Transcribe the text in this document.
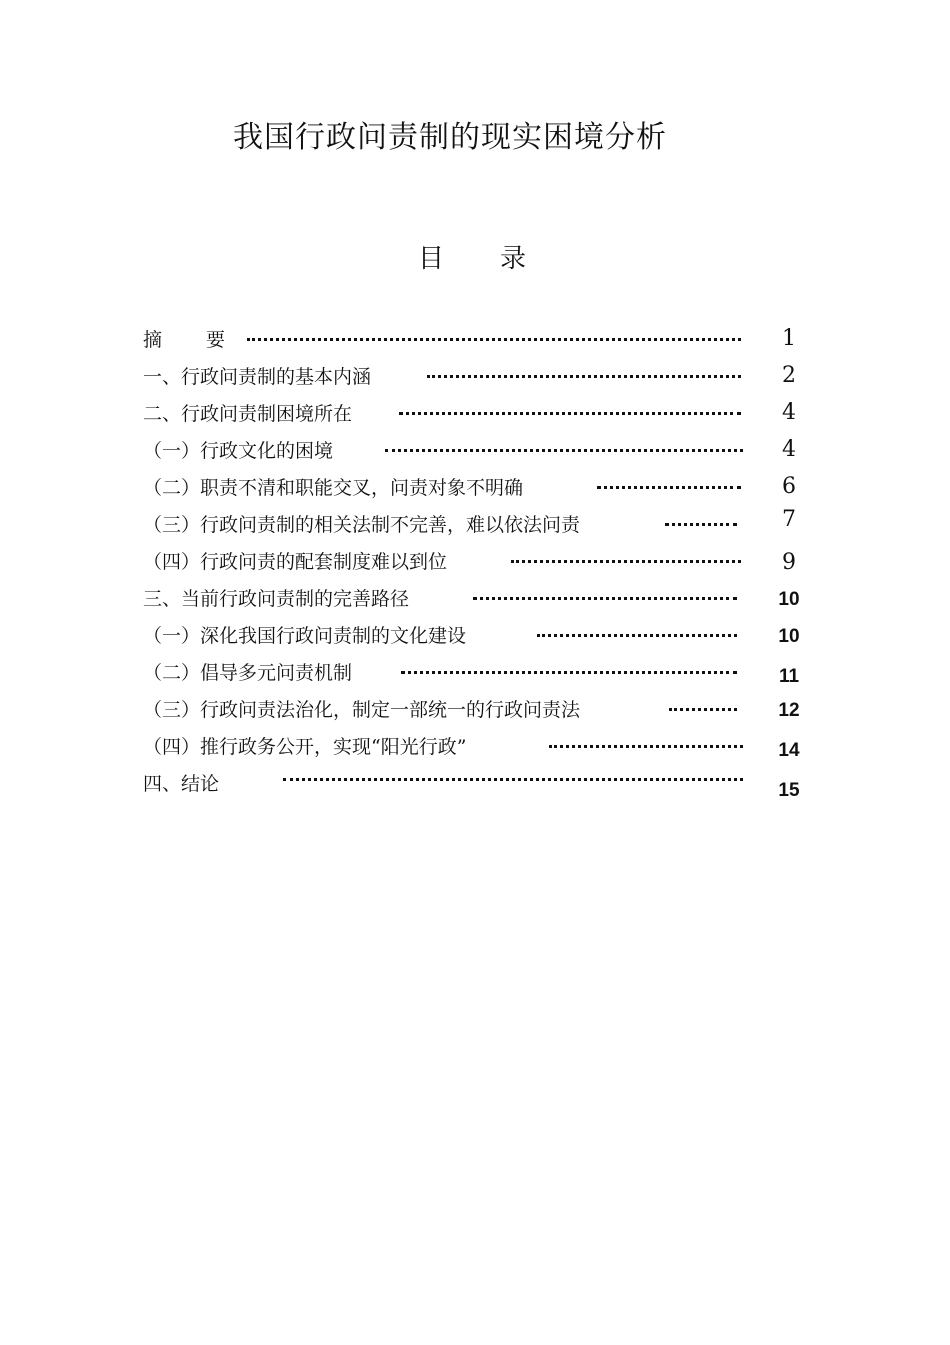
我国行政问责制的现实困境分析
目录
摘要	1
一、行政问责制的基本内涵	2
二、行政问责制困境所在	4
（一）行政文化的困境	4
（二）职责不清和职能交叉，问责对象不明确	6
（三）行政问责制的相关法制不完善，难以依法问责	7
（四）行政问责的配套制度难以到位	9
三、当前行政问责制的完善路径	10
（一）深化我国行政问责制的文化建设	10
（二）倡导多元问责机制	11
（三）行政问责法治化，制定一部统一的行政问责法	12
（四）推行政务公开，实现“阳光行政”	14
四、结论	15
